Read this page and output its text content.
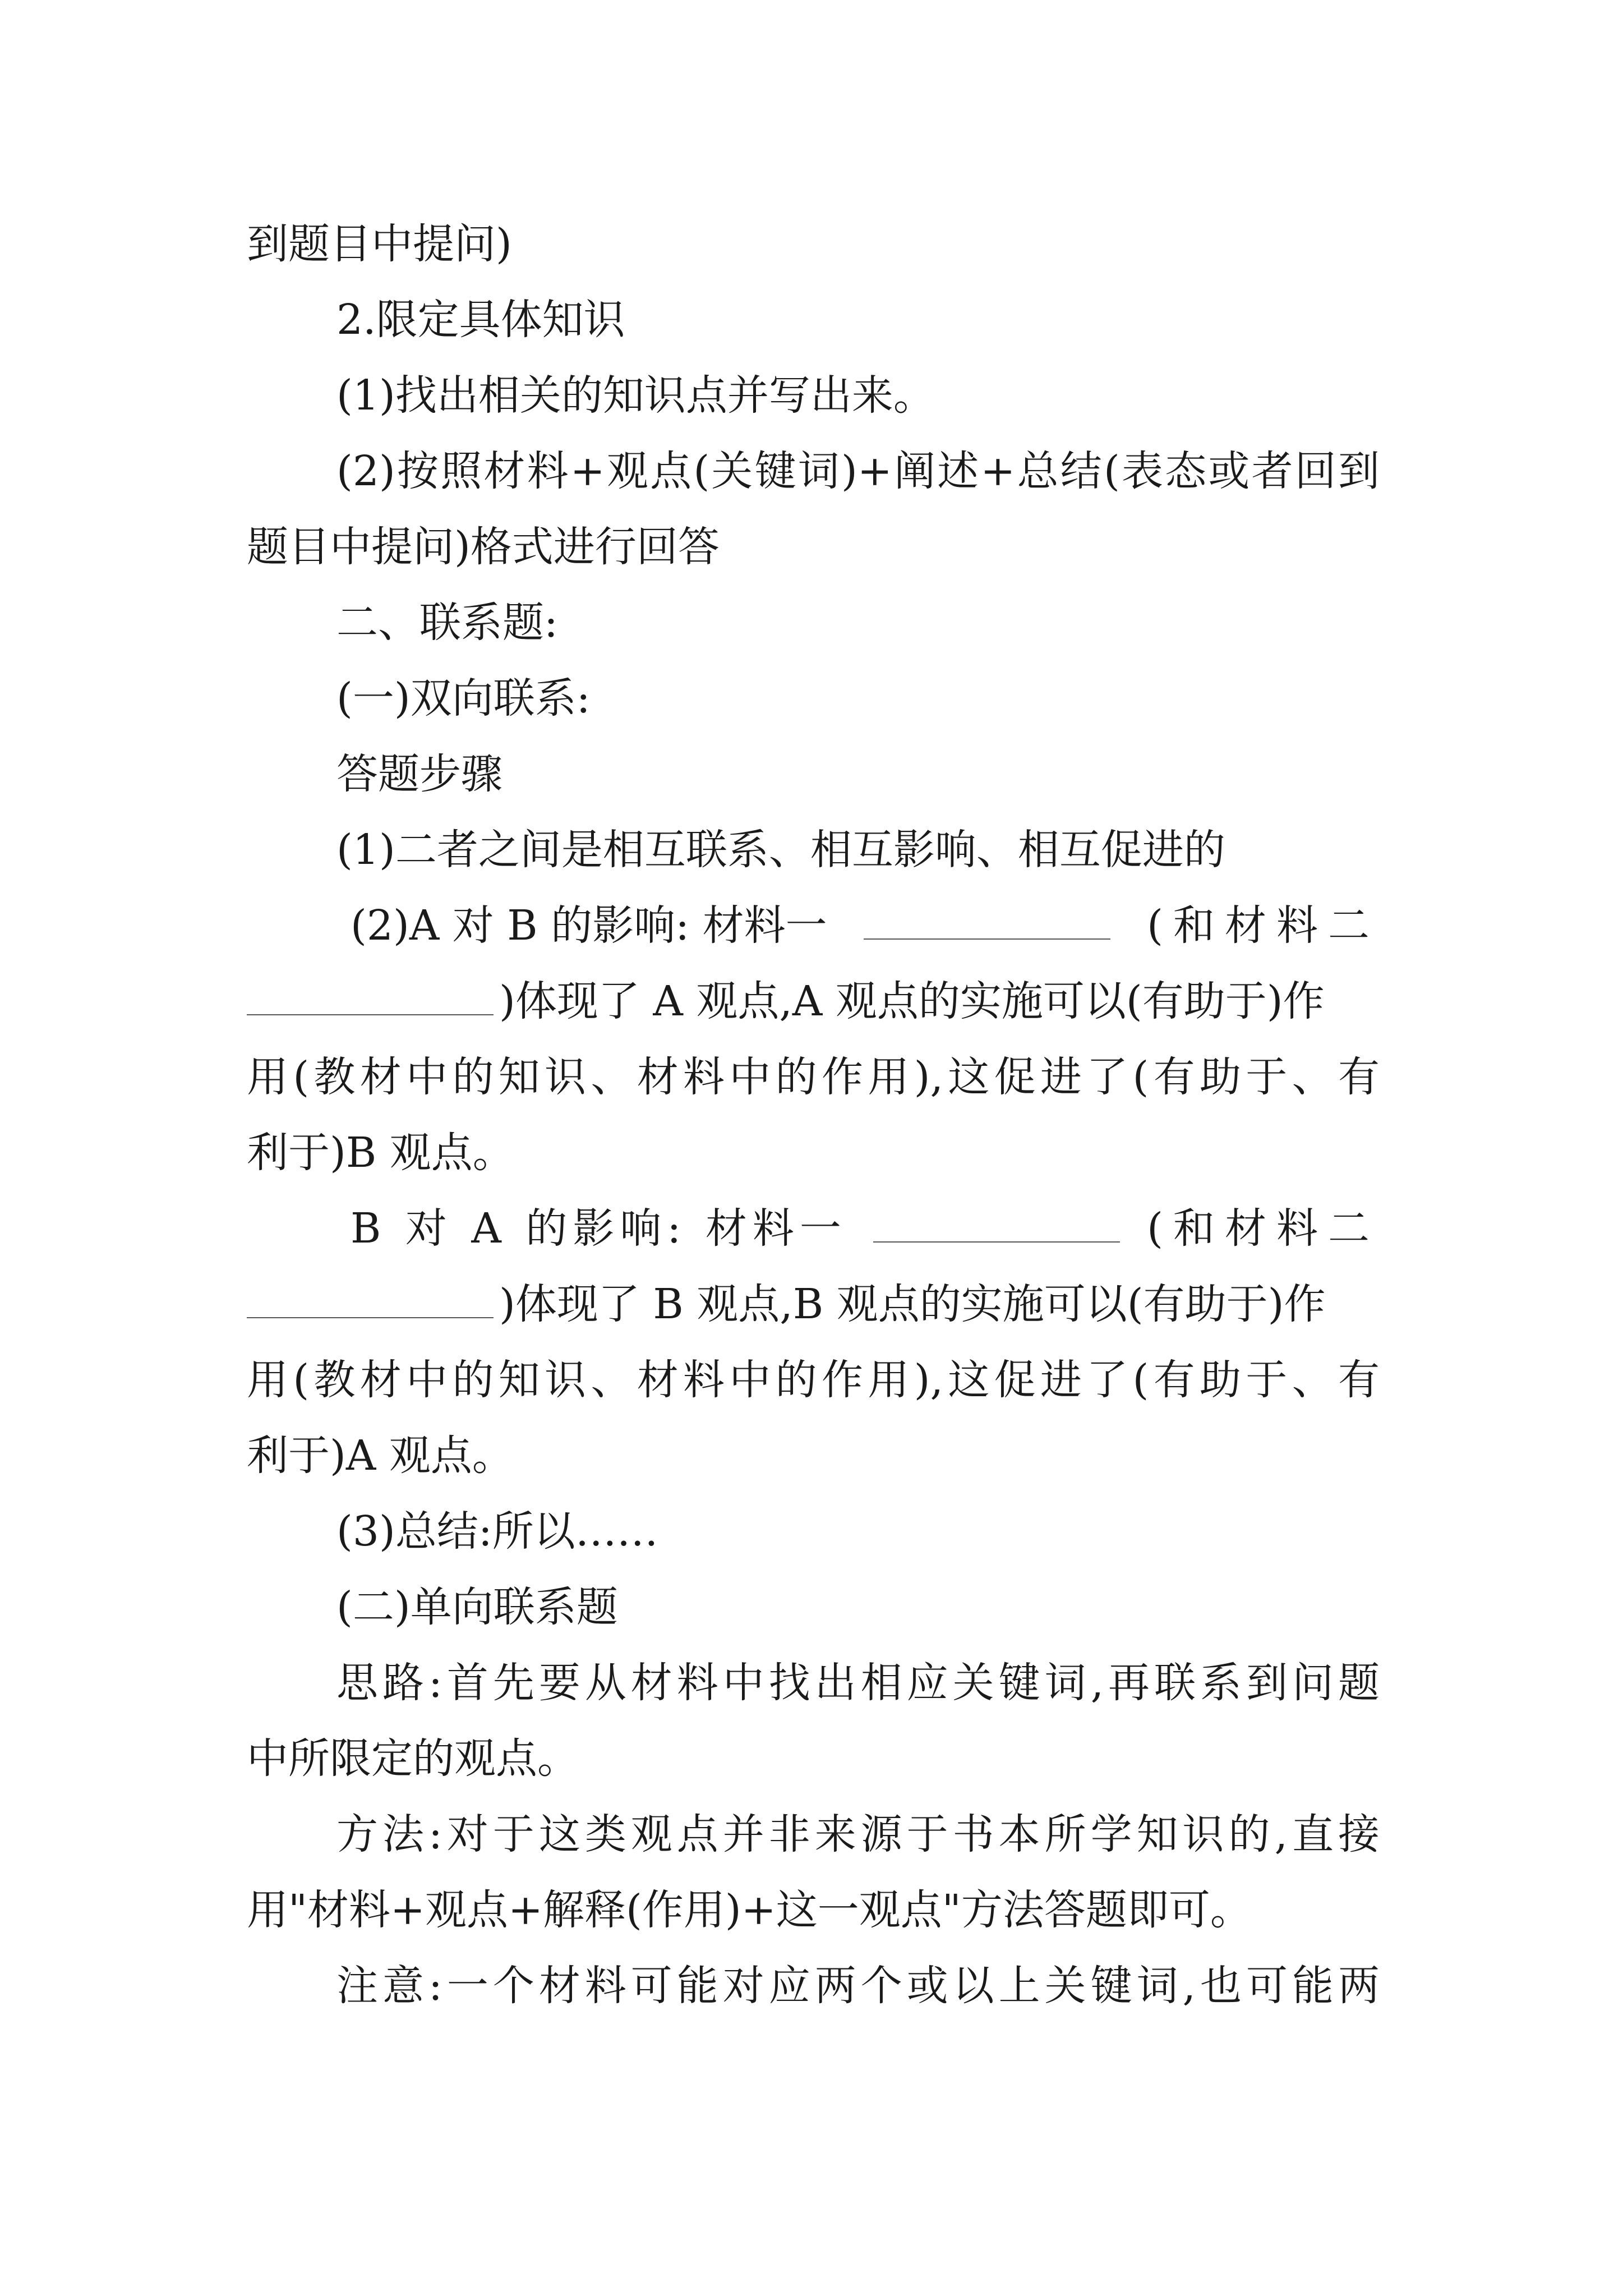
到题目中提问)
2.限定具体知识
(1)找出相关的知识点并写出来。
(2)按照材料+观点(关键词)+阐述+总结(表态或者回到
题目中提问)格式进行回答
二、联系题:
(一)双向联系:
答题步骤
(1)二者之间是相互联系、相互影响、相互促进的
(2)A 对 B 的影响: 材料一	(和材料二
)体现了 A 观点,A 观点的实施可以(有助于)作
用(教材中的知识、材料中的作用),这促进了(有助于、有
利于)B 观点。
B 对 A 的影响: 材料一	(和材料二
)体现了 B 观点,B 观点的实施可以(有助于)作
用(教材中的知识、材料中的作用),这促进了(有助于、有
利于)A 观点。
(3)总结:所以……
(二)单向联系题
思路:首先要从材料中找出相应关键词,再联系到问题
中所限定的观点。
方法:对于这类观点并非来源于书本所学知识的,直接
用"材料+观点+解释(作用)+这一观点"方法答题即可。
注意:一个材料可能对应两个或以上关键词,也可能两
